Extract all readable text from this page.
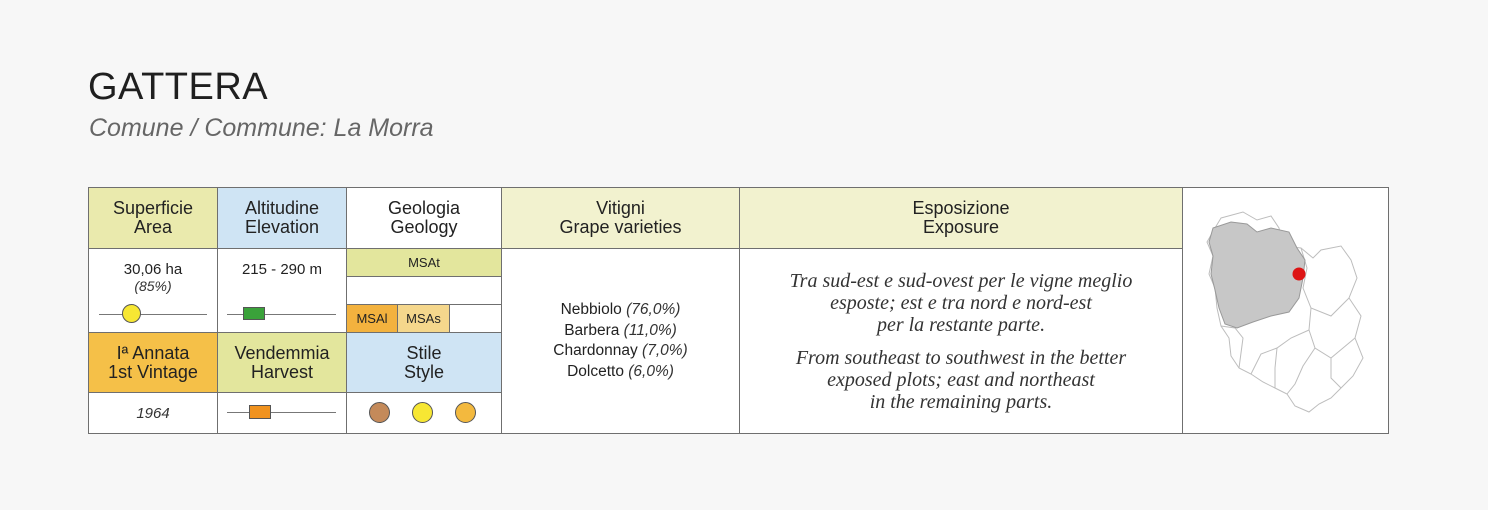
GATTERA
Comune / Commune: La Morra
Superficie
Area
Altitudine
Elevation
Geologia
Geology
Vitigni
Grape varieties
Esposizione
Exposure
30,06 ha
(85%)
215 - 290 m	MSAt
MSAl MSAs
Iª Annata
1st Vintage
Vendemmia
Harvest
Stile
Style
1964
Nebbiolo (76,0%)
Barbera (11,0%)
Chardonnay (7,0%)
Dolcetto (6,0%)
Tra sud-est e sud-ovest per le vigne meglio
esposte; est e tra nord e nord-est
per la restante parte.
From southeast to southwest in the better
exposed plots; east and northeast
in the remaining parts.
